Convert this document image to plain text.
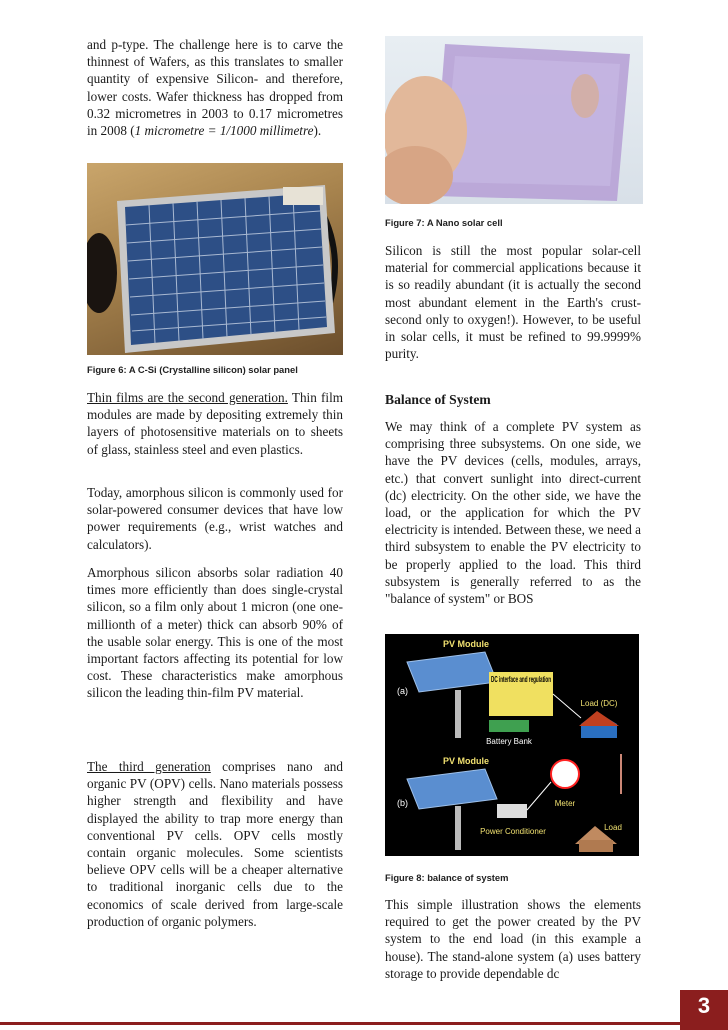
and p-type. The challenge here is to carve the thinnest of Wafers, as this translates to smaller quantity of expensive Silicon- and therefore, lower costs. Wafer thickness has dropped from 0.32 micrometres in 2003 to 0.17 micrometres in 2008 (1 micrometre = 1/1000 millimetre).

Figure 6: A C-Si (Crystalline silicon) solar panel

Thin films are the second generation. Thin film modules are made by depositing extremely thin layers of photosensitive materials on to sheets of glass, stainless steel and even plastics.

Today, amorphous silicon is commonly used for solar-powered consumer devices that have low power requirements (e.g., wrist watches and calculators).

Amorphous silicon absorbs solar radiation 40 times more efficiently than does single-crystal silicon, so a film only about 1 micron (one one-millionth of a meter) thick can absorb 90% of the usable solar energy. This is one of the most important factors affecting its potential for low cost. These characteristics make amorphous silicon the leading thin-film PV material.

The third generation comprises nano and organic PV (OPV) cells. Nano materials possess higher strength and flexibility and have displayed the ability to trap more energy than conventional PV cells. OPV cells mostly contain organic molecules. Some scientists believe OPV cells will be a cheaper alternative to traditional inorganic cells due to the economics of scale derived from large-scale production of organic polymers.

Figure 7: A Nano solar cell

Silicon is still the most popular solar-cell material for commercial applications because it is so readily abundant (it is actually the second most abundant element in the Earth's crust-second only to oxygen!). However, to be useful in solar cells, it must be refined to 99.9999% purity.

Balance of System

We may think of a complete PV system as comprising three subsystems. On one side, we have the PV devices (cells, modules, arrays, etc.) that convert sunlight into direct-current (dc) electricity. On the other side, we have the load, or the application for which the PV electricity is intended. Between these, we need a third subsystem to enable the PV electricity to be properly applied to the load. This third subsystem is generally referred to as the "balance of system" or BOS

PV Module
(a)
DC interface and regulation
Battery Bank
Load (DC)
PV Module
(b)	Meter
Power Conditioner	Load
Figure 8: balance of system

This simple illustration shows the elements required to get the power created by the PV system to the end load (in this example a house). The stand-alone system (a) uses battery storage to provide dependable dc

3
